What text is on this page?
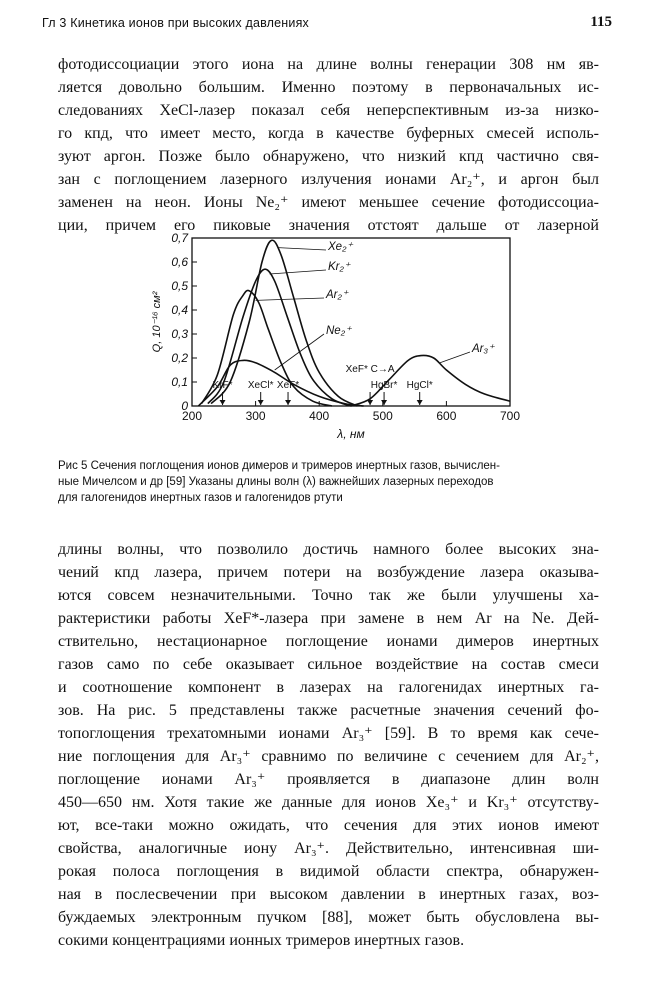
Гл 3 Кинетика ионов при высоких давлениях	115
фотодиссоциации этого иона на длине волны генерации 308 нм яв-
ляется довольно большим. Именно поэтому в первоначальных ис-
следованиях XeCl-лазер показал себя неперспективным из-за низко-
го кпд, что имеет место, когда в качестве буферных смесей исполь-
зуют аргон. Позже было обнаружено, что низкий кпд частично свя-
зан с поглощением лазерного излучения ионами Ar₂⁺, и аргон был
заменен на неон. Ионы Ne₂⁺ имеют меньшее сечение фотодиссоциа-
ции, причем его пиковые значения отстоят дальше от лазерной
200	300	400	500	600	700
0
0,1
0,2
0,3
0,4
0,5
0,6
0,7
λ, нм
Q, 10⁻¹⁶ см²
Xe₂⁺
Kr₂⁺
Ar₂⁺
Ne₂⁺
Ar₃⁺
KrF* XeCl* XeF*
XeF* C→A
HgBr* HgCl*
Рис 5 Сечения поглощения ионов димеров и тримеров инертных газов, вычислен-
ные Мичелсом и др [59] Указаны длины волн (λ) важнейших лазерных переходов
для галогенидов инертных газов и галогенидов ртути
длины волны, что позволило достичь намного более высоких зна-
чений кпд лазера, причем потери на возбуждение лазера оказыва-
ются совсем незначительными. Точно так же были улучшены ха-
рактеристики работы XeF*-лазера при замене в нем Ar на Ne. Дей-
ствительно, нестационарное поглощение ионами димеров инертных
газов само по себе оказывает сильное воздействие на состав смеси
и соотношение компонент в лазерах на галогенидах инертных га-
зов. На рис. 5 представлены также расчетные значения сечений фо-
топоглощения трехатомными ионами Ar₃⁺ [59]. В то время как сече-
ние поглощения для Ar₃⁺ сравнимо по величине с сечением для Ar₂⁺,
поглощение ионами Ar₃⁺ проявляется в диапазоне длин волн
450—650 нм. Хотя такие же данные для ионов Xe₃⁺ и Kr₃⁺ отсутству-
ют, все-таки можно ожидать, что сечения для этих ионов имеют
свойства, аналогичные иону Ar₃⁺. Действительно, интенсивная ши-
рокая полоса поглощения в видимой области спектра, обнаружен-
ная в послесвечении при высоком давлении в инертных газах, воз-
буждаемых электронным пучком [88], может быть обусловлена вы-
сокими концентрациями ионных тримеров инертных газов.
